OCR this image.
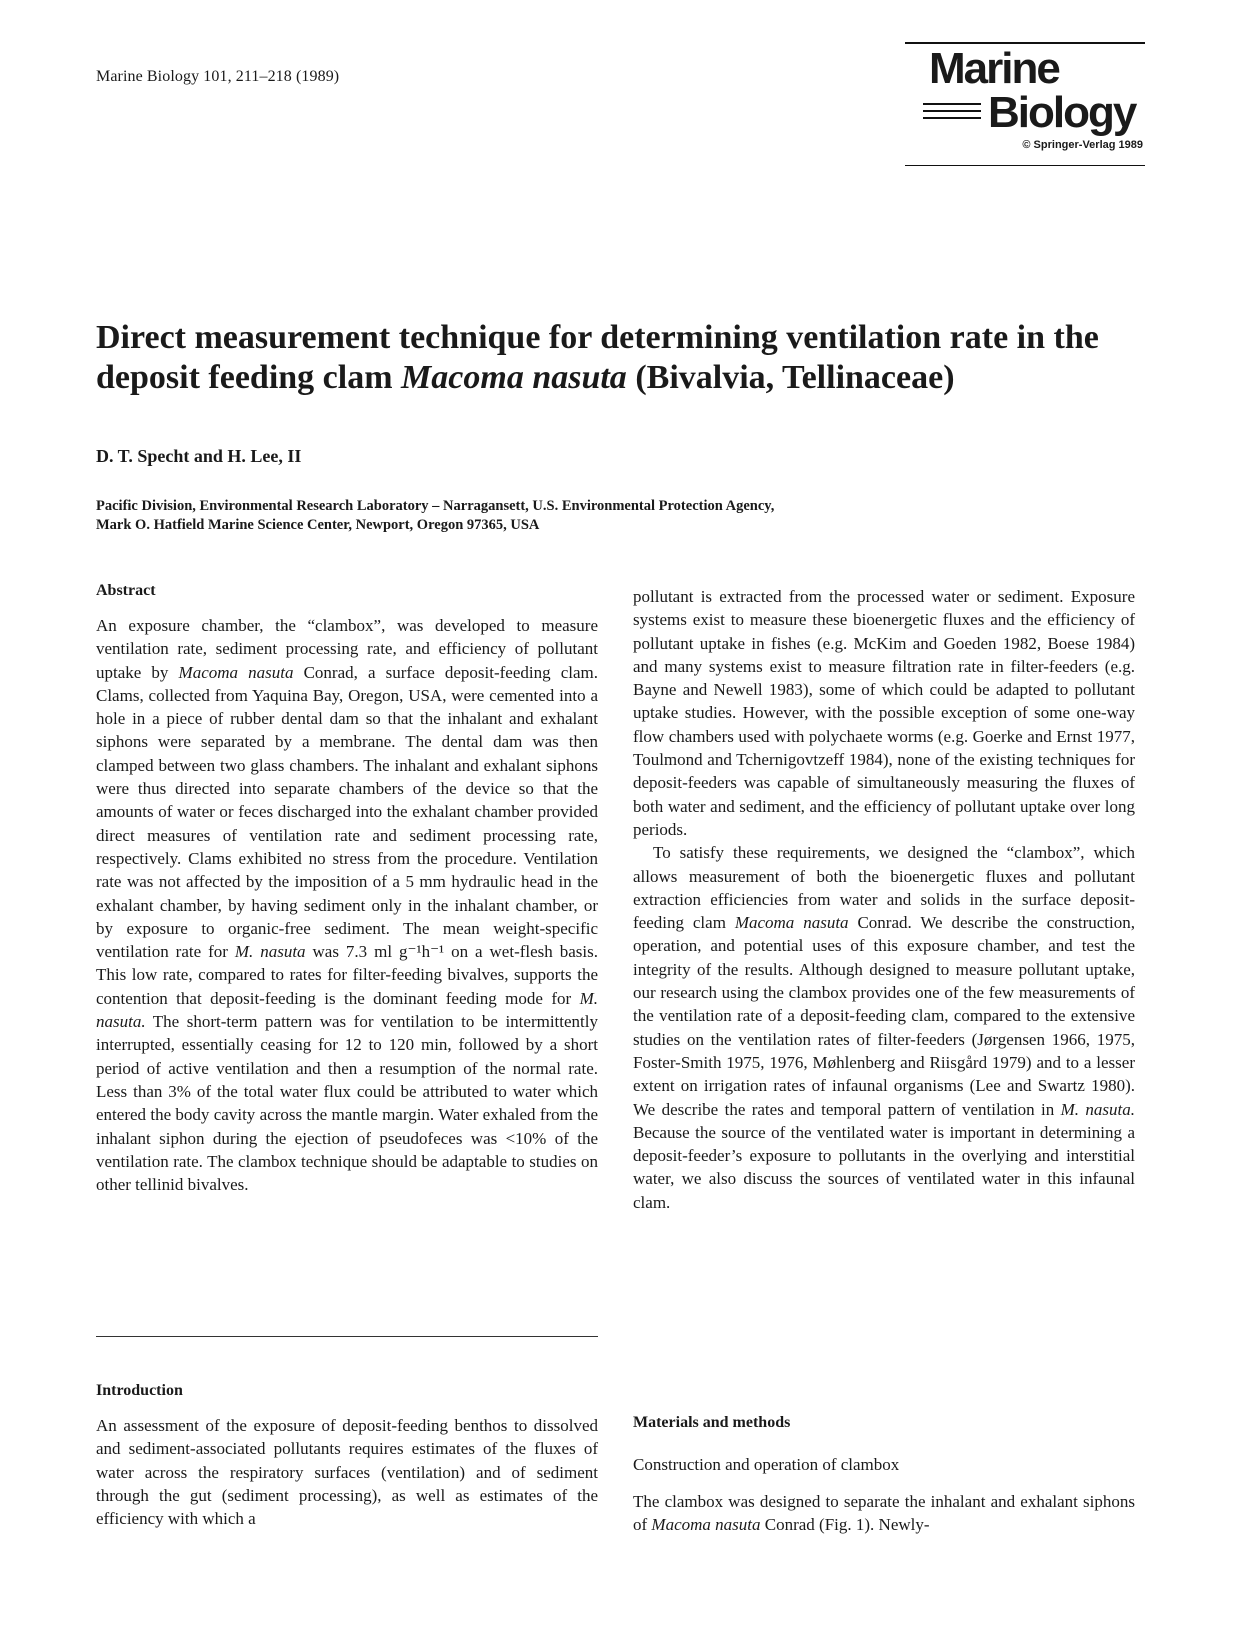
Marine Biology 101, 211–218 (1989)	Marine
Biology
© Springer-Verlag 1989
Direct measurement technique for determining ventilation rate in the deposit feeding clam Macoma nasuta (Bivalvia, Tellinaceae)
D. T. Specht and H. Lee, II
Pacific Division, Environmental Research Laboratory – Narragansett, U.S. Environmental Protection Agency,
Mark O. Hatfield Marine Science Center, Newport, Oregon 97365, USA
Abstract

An exposure chamber, the “clambox”, was developed to measure ventilation rate, sediment processing rate, and efficiency of pollutant uptake by Macoma nasuta Conrad, a surface deposit-feeding clam. Clams, collected from Yaquina Bay, Oregon, USA, were cemented into a hole in a piece of rubber dental dam so that the inhalant and exhalant siphons were separated by a membrane. The dental dam was then clamped between two glass chambers. The inhalant and exhalant siphons were thus directed into separate chambers of the device so that the amounts of water or feces discharged into the exhalant chamber provided direct measures of ventilation rate and sediment processing rate, respectively. Clams exhibited no stress from the procedure. Ventilation rate was not affected by the imposition of a 5 mm hydraulic head in the exhalant chamber, by having sediment only in the inhalant chamber, or by exposure to organic-free sediment. The mean weight-specific ventilation rate for M. nasuta was 7.3 ml g⁻¹h⁻¹ on a wet-flesh basis. This low rate, compared to rates for filter-feeding bivalves, supports the contention that deposit-feeding is the dominant feeding mode for M. nasuta. The short-term pattern was for ventilation to be intermittently interrupted, essentially ceasing for 12 to 120 min, followed by a short period of active ventilation and then a resumption of the normal rate. Less than 3% of the total water flux could be attributed to water which entered the body cavity across the mantle margin. Water exhaled from the inhalant siphon during the ejection of pseudofeces was <10% of the ventilation rate. The clambox technique should be adaptable to studies on other tellinid bivalves.

Introduction

An assessment of the exposure of deposit-feeding benthos to dissolved and sediment-associated pollutants requires estimates of the fluxes of water across the respiratory surfaces (ventilation) and of sediment through the gut (sediment processing), as well as estimates of the efficiency with which a

pollutant is extracted from the processed water or sediment. Exposure systems exist to measure these bioenergetic fluxes and the efficiency of pollutant uptake in fishes (e.g. McKim and Goeden 1982, Boese 1984) and many systems exist to measure filtration rate in filter-feeders (e.g. Bayne and Newell 1983), some of which could be adapted to pollutant uptake studies. However, with the possible exception of some one-way flow chambers used with polychaete worms (e.g. Goerke and Ernst 1977, Toulmond and Tchernigovtzeff 1984), none of the existing techniques for deposit-feeders was capable of simultaneously measuring the fluxes of both water and sediment, and the efficiency of pollutant uptake over long periods.

To satisfy these requirements, we designed the “clambox”, which allows measurement of both the bioenergetic fluxes and pollutant extraction efficiencies from water and solids in the surface deposit-feeding clam Macoma nasuta Conrad. We describe the construction, operation, and potential uses of this exposure chamber, and test the integrity of the results. Although designed to measure pollutant uptake, our research using the clambox provides one of the few measurements of the ventilation rate of a deposit-feeding clam, compared to the extensive studies on the ventilation rates of filter-feeders (Jørgensen 1966, 1975, Foster-Smith 1975, 1976, Møhlenberg and Riisgård 1979) and to a lesser extent on irrigation rates of infaunal organisms (Lee and Swartz 1980). We describe the rates and temporal pattern of ventilation in M. nasuta. Because the source of the ventilated water is important in determining a deposit-feeder’s exposure to pollutants in the overlying and interstitial water, we also discuss the sources of ventilated water in this infaunal clam.

Materials and methods
Construction and operation of clambox

The clambox was designed to separate the inhalant and exhalant siphons of Macoma nasuta Conrad (Fig. 1). Newly-
